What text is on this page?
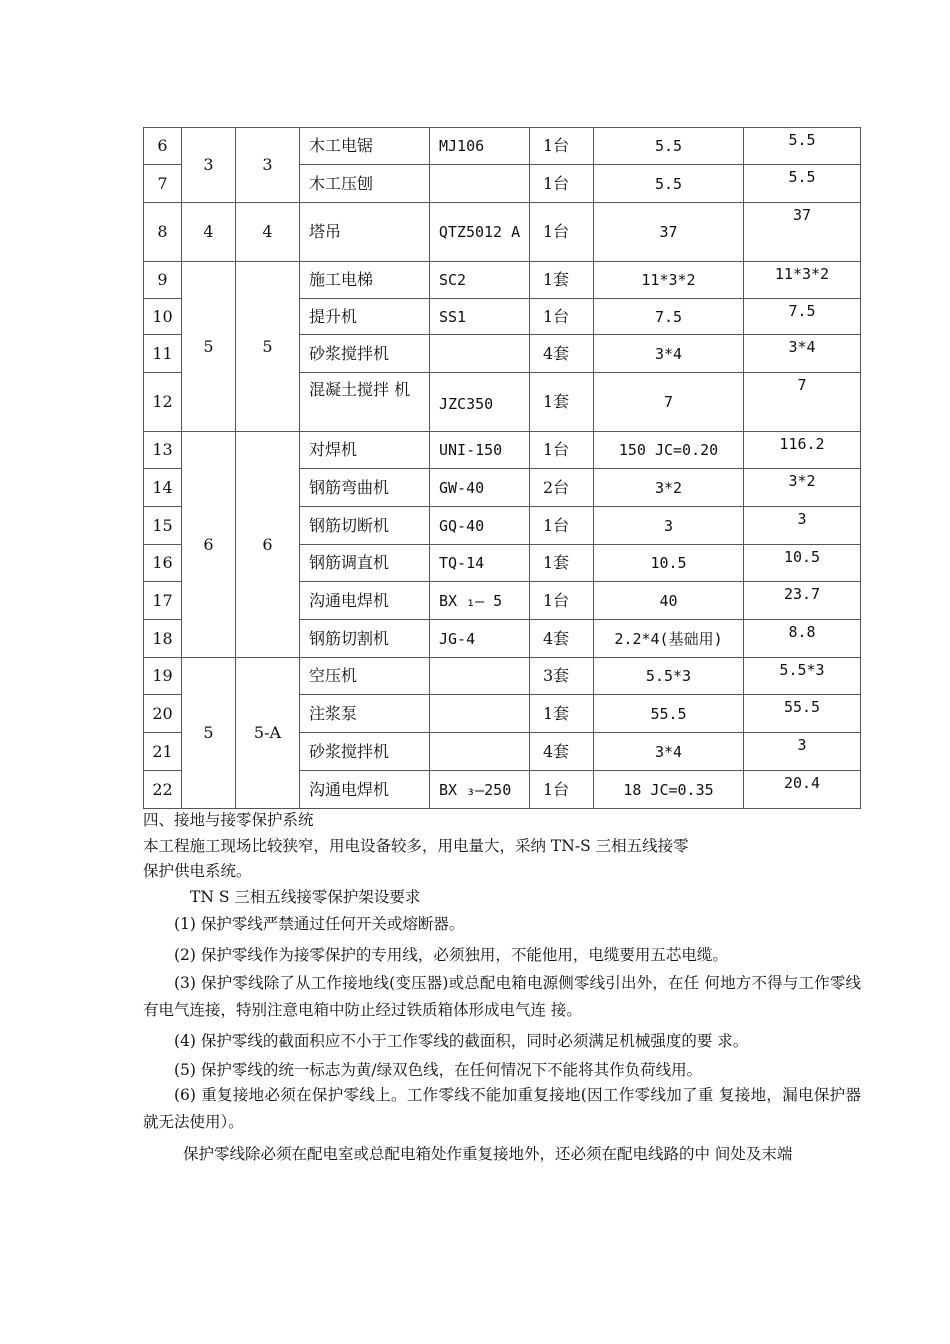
6	3	3	木工电锯	MJ106	1台	5.5	5.5
7			木工压刨		1台	5.5	5.5
8	4	4	塔吊	QTZ5012 A	1台	37	37
9	5	5	施工电梯	SC2	1套	11*3*2	11*3*2
10			提升机	SS1	1台	7.5	7.5
11			砂浆搅拌机		4套	3*4	3*4
12			混凝土搅拌 机	JZC350	1套	7	7
13	6	6	对焊机	UNI-150	1台	150 JC=0.20	116.2
14			钢筋弯曲机	GW-40	2台	3*2	3*2
15			钢筋切断机	GQ-40	1台	3	3
16			钢筋调直机	TQ-14	1套	10.5	10.5
17			沟通电焊机	BX ₁— 5	1台	40	23.7
18			钢筋切割机	JG-4	4套	2.2*4(基础用)	8.8
19	5	5-A	空压机		3套	5.5*3	5.5*3
20			注浆泵		1套	55.5	55.5
21			砂浆搅拌机		4套	3*4	3
22			沟通电焊机	BX ₃—250	1台	18 JC=0.35	20.4
四、接地与接零保护系统
本工程施工现场比较狭窄，用电设备较多，用电量大，采纳 TN-S 三相五线接零
保护供电系统。
TN S 三相五线接零保护架设要求
(1) 保护零线严禁通过任何开关或熔断器。
(2) 保护零线作为接零保护的专用线，必须独用，不能他用，电缆要用五芯电缆。
(3) 保护零线除了从工作接地线(变压器)或总配电箱电源侧零线引出外，在任 何地方不得与工作零线有电气连接，特别注意电箱中防止经过铁质箱体形成电气连 接。
(4) 保护零线的截面积应不小于工作零线的截面积，同时必须满足机械强度的要 求。
(5) 保护零线的统一标志为黄/绿双色线，在任何情况下不能将其作负荷线用。
(6) 重复接地必须在保护零线上。工作零线不能加重复接地(因工作零线加了重 复接地，漏电保护器就无法使用）。
保护零线除必须在配电室或总配电箱处作重复接地外，还必须在配电线路的中 间处及末端
